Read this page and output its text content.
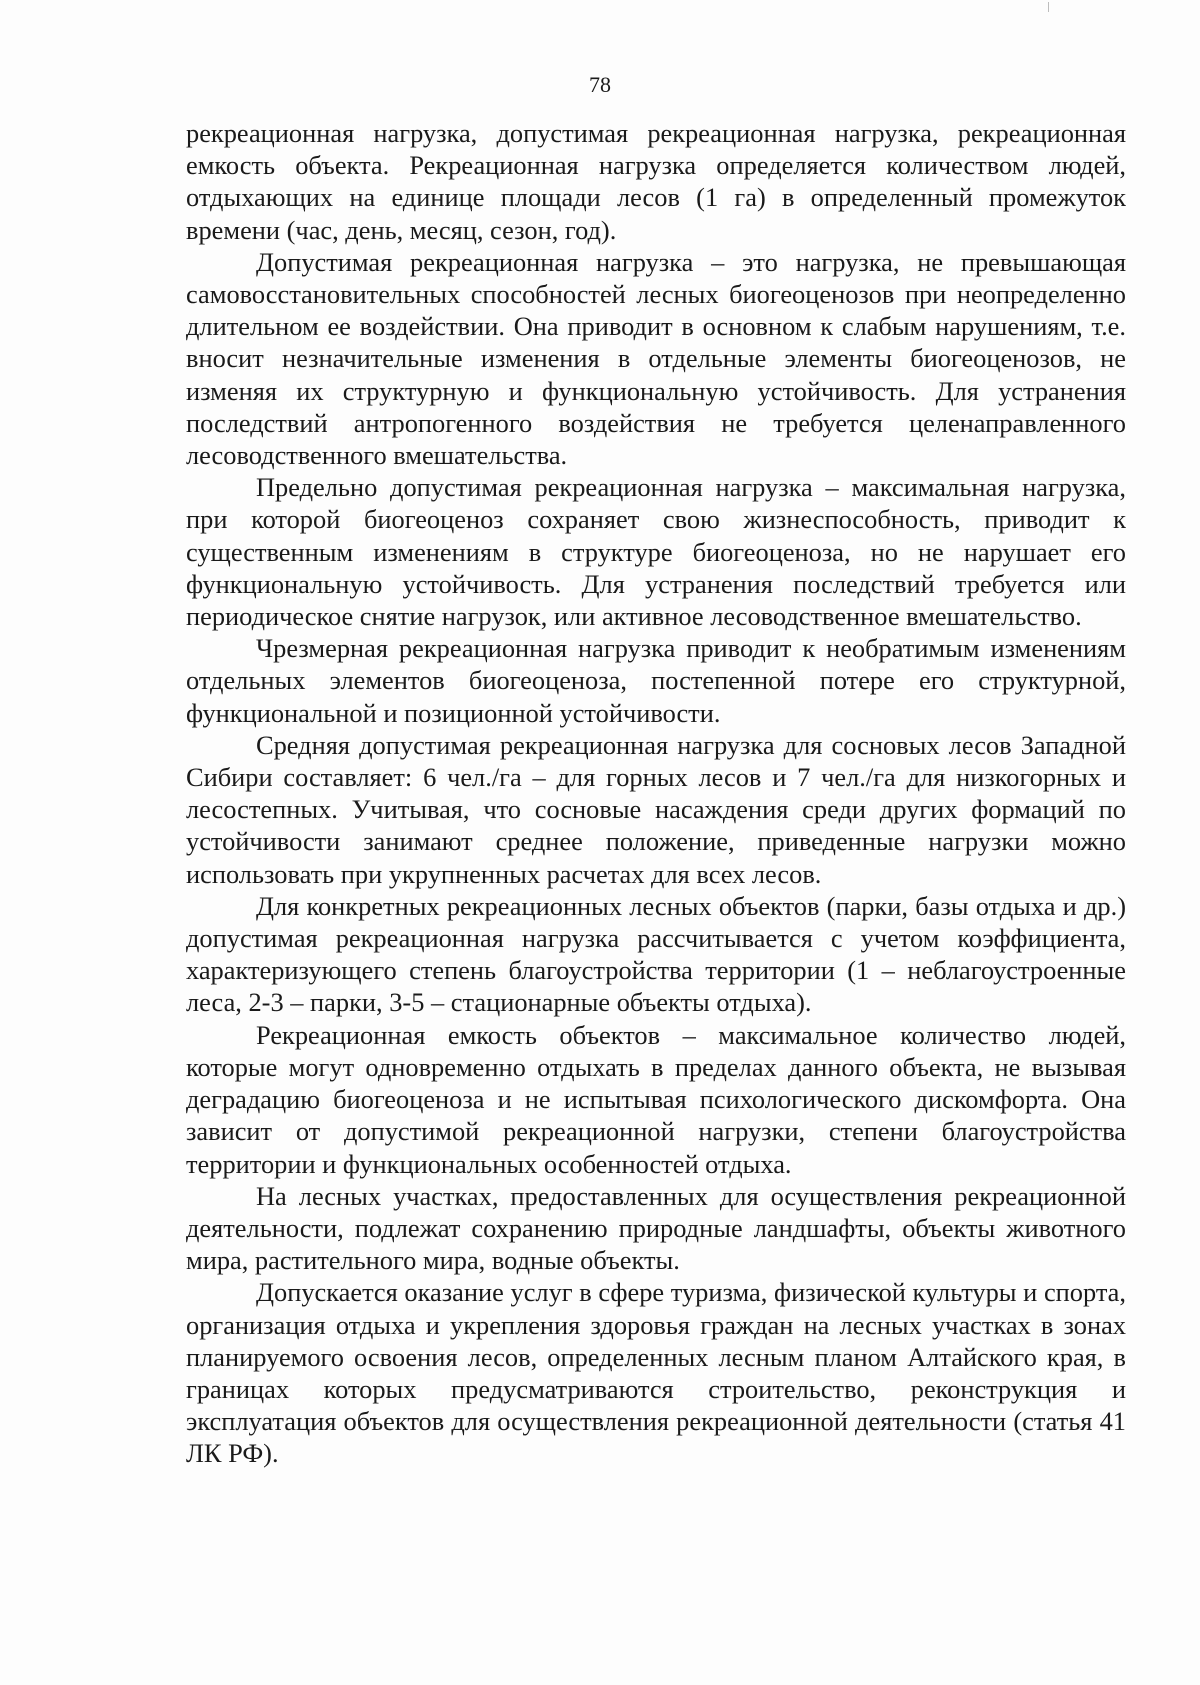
78

рекреационная нагрузка, допустимая рекреационная нагрузка, рекреационная емкость объекта. Рекреационная нагрузка определяется количеством людей, отдыхающих на единице площади лесов (1 га) в определенный промежуток времени (час, день, месяц, сезон, год).

Допустимая рекреационная нагрузка – это нагрузка, не превышающая самовосстановительных способностей лесных биогеоценозов при неопределенно длительном ее воздействии. Она приводит в основном к слабым нарушениям, т.е. вносит незначительные изменения в отдельные элементы биогеоценозов, не изменяя их структурную и функциональную устойчивость. Для устранения последствий антропогенного воздействия не требуется целенаправленного лесоводственного вмешательства.

Предельно допустимая рекреационная нагрузка – максимальная нагрузка, при которой биогеоценоз сохраняет свою жизнеспособность, приводит к существенным изменениям в структуре биогеоценоза, но не нарушает его функциональную устойчивость. Для устранения последствий требуется или периодическое снятие нагрузок, или активное лесоводственное вмешательство.

Чрезмерная рекреационная нагрузка приводит к необратимым изменениям отдельных элементов биогеоценоза, постепенной потере его структурной, функциональной и позиционной устойчивости.

Средняя допустимая рекреационная нагрузка для сосновых лесов Западной Сибири составляет: 6 чел./га – для горных лесов и 7 чел./га для низкогорных и лесостепных. Учитывая, что сосновые насаждения среди других формаций по устойчивости занимают среднее положение, приведенные нагрузки можно использовать при укрупненных расчетах для всех лесов.

Для конкретных рекреационных лесных объектов (парки, базы отдыха и др.) допустимая рекреационная нагрузка рассчитывается с учетом коэффициента, характеризующего степень благоустройства территории (1 – неблагоустроенные леса, 2-3 – парки, 3-5 – стационарные объекты отдыха).

Рекреационная емкость объектов – максимальное количество людей, которые могут одновременно отдыхать в пределах данного объекта, не вызывая деградацию биогеоценоза и не испытывая психологического дискомфорта. Она зависит от допустимой рекреационной нагрузки, степени благоустройства территории и функциональных особенностей отдыха.

На лесных участках, предоставленных для осуществления рекреационной деятельности, подлежат сохранению природные ландшафты, объекты животного мира, растительного мира, водные объекты.

Допускается оказание услуг в сфере туризма, физической культуры и спорта, организация отдыха и укрепления здоровья граждан на лесных участках в зонах планируемого освоения лесов, определенных лесным планом Алтайского края, в границах которых предусматриваются строительство, реконструкция и эксплуатация объектов для осуществления рекреационной деятельности (статья 41 ЛК РФ).
